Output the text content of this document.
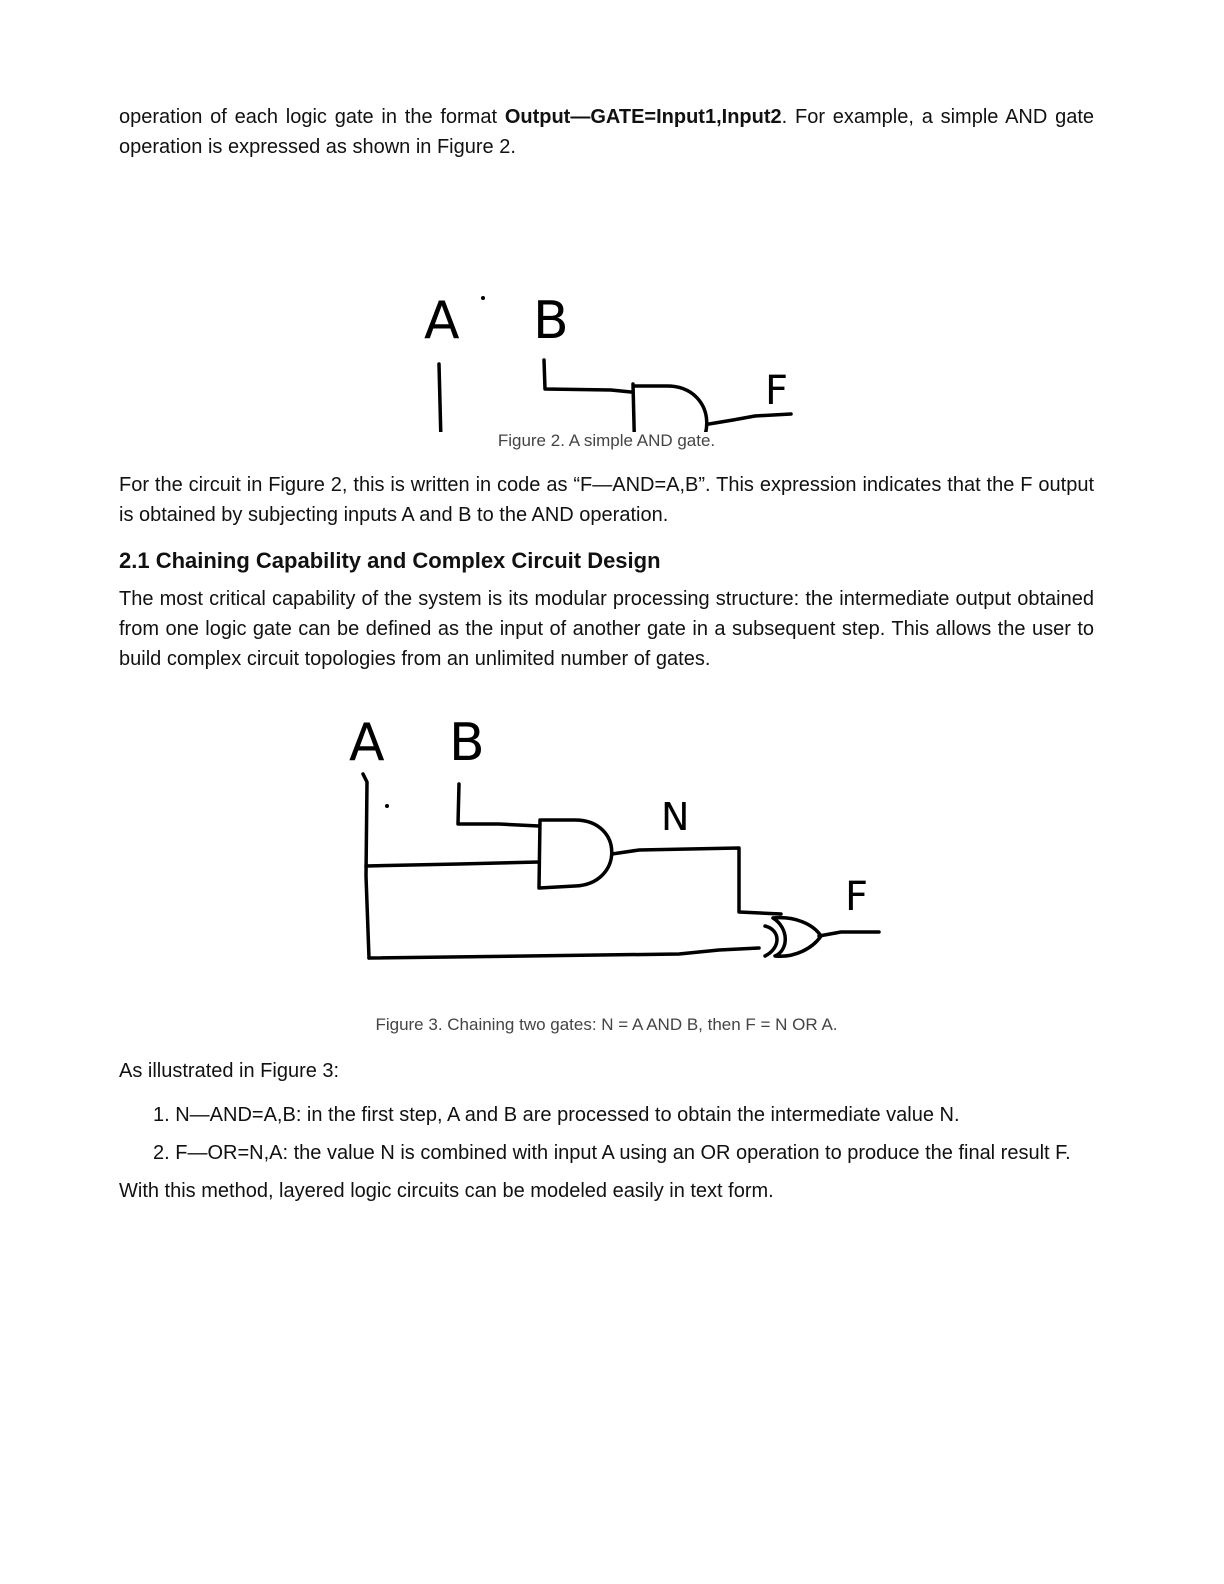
operation of each logic gate in the format Output—GATE=Input1,Input2. For example, a simple AND gate operation is expressed as shown in Figure 2.

A B
F
Figure 2. A simple AND gate.

For the circuit in Figure 2, this is written in code as “F—AND=A,B”. This expression indicates that the F output is obtained by subjecting inputs A and B to the AND operation.

2.1 Chaining Capability and Complex Circuit Design

The most critical capability of the system is its modular processing structure: the intermediate output obtained from one logic gate can be defined as the input of another gate in a subsequent step. This allows the user to build complex circuit topologies from an unlimited number of gates.

A B
N
F
Figure 3. Chaining two gates: N = A AND B, then F = N OR A.

As illustrated in Figure 3:

1. N—AND=A,B: in the first step, A and B are processed to obtain the intermediate value N.
2. F—OR=N,A: the value N is combined with input A using an OR operation to produce the final result F.

With this method, layered logic circuits can be modeled easily in text form.
